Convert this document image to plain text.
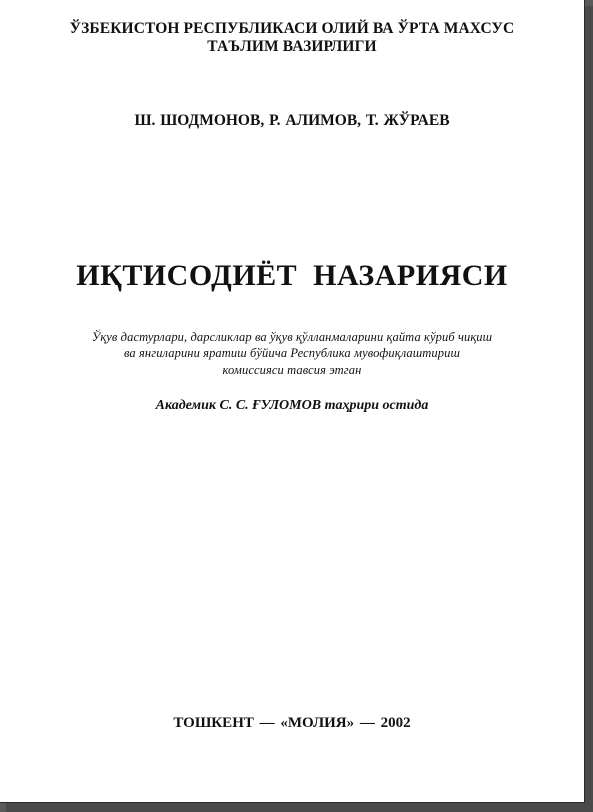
ЎЗБЕКИСТОН РЕСПУБЛИКАСИ ОЛИЙ ВА ЎРТА МАХСУС
ТАЪЛИМ ВАЗИРЛИГИ
Ш. ШОДМОНОВ, Р. АЛИМОВ, Т. ЖЎРАЕВ
ИҚТИСОДИЁТ НАЗАРИЯСИ
Ўқув дастурлари, дарсликлар ва ўқув қўлланмаларини қайта кўриб чиқиш
ва янгиларини яратиш бўйича Республика мувофиқлаштириш
комиссияси тавсия этган
Академик С. С. ҒУЛОМОВ таҳрири остида
ТОШКЕНТ — «МОЛИЯ» — 2002
